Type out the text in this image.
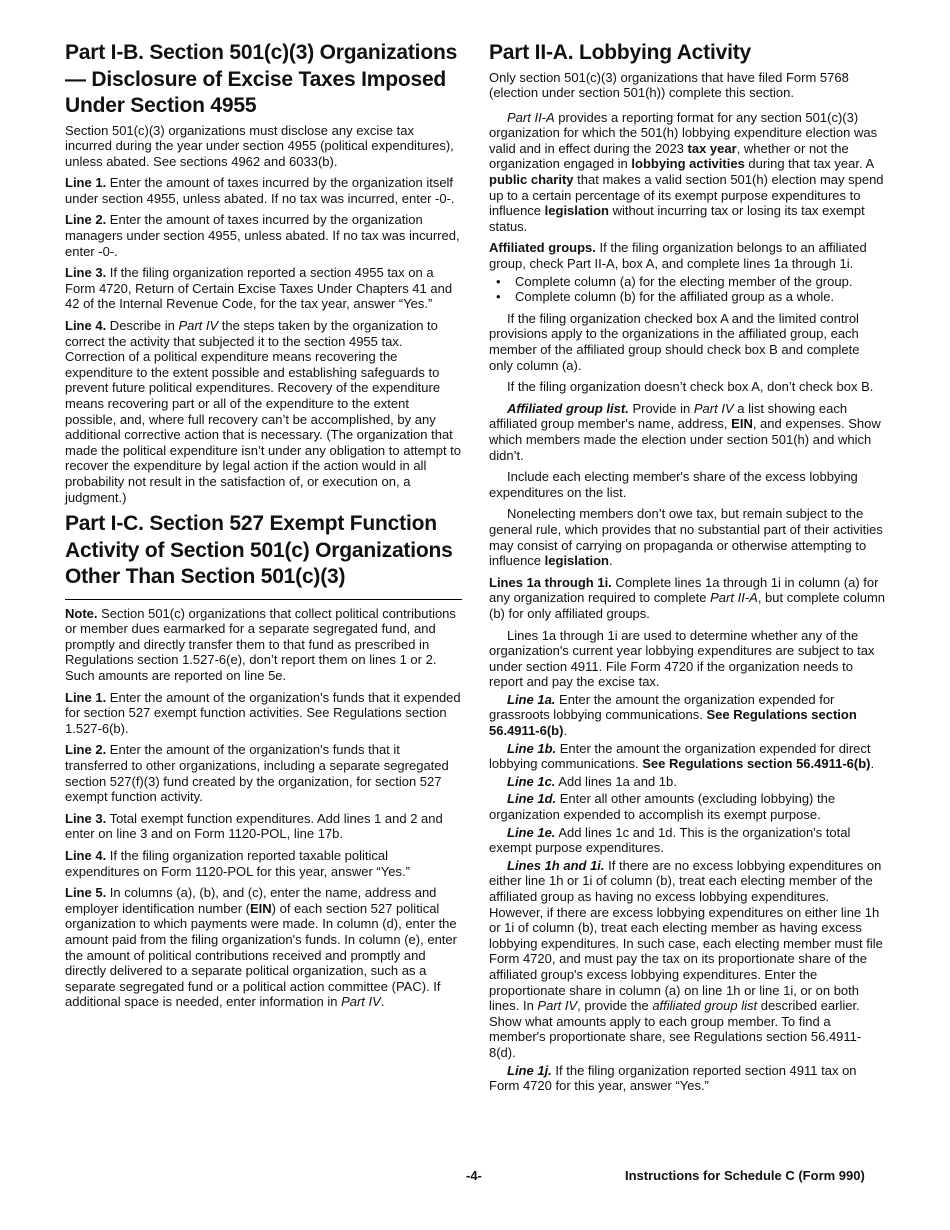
Part I-B. Section 501(c)(3) Organizations— Disclosure of Excise Taxes Imposed Under Section 4955

Section 501(c)(3) organizations must disclose any excise tax incurred during the year under section 4955 (political expenditures), unless abated. See sections 4962 and 6033(b).

Line 1. Enter the amount of taxes incurred by the organization itself under section 4955, unless abated. If no tax was incurred, enter -0-.

Line 2. Enter the amount of taxes incurred by the organization managers under section 4955, unless abated. If no tax was incurred, enter -0-.

Line 3. If the filing organization reported a section 4955 tax on a Form 4720, Return of Certain Excise Taxes Under Chapters 41 and 42 of the Internal Revenue Code, for the tax year, answer “Yes.”

Line 4. Describe in Part IV the steps taken by the organization to correct the activity that subjected it to the section 4955 tax. Correction of a political expenditure means recovering the expenditure to the extent possible and establishing safeguards to prevent future political expenditures. Recovery of the expenditure means recovering part or all of the expenditure to the extent possible, and, where full recovery can’t be accomplished, by any additional corrective action that is necessary. (The organization that made the political expenditure isn’t under any obligation to attempt to recover the expenditure by legal action if the action would in all probability not result in the satisfaction of, or execution on, a judgment.)

Part I-C. Section 527 Exempt Function Activity of Section 501(c) Organizations Other Than Section 501(c)(3)

Note. Section 501(c) organizations that collect political contributions or member dues earmarked for a separate segregated fund, and promptly and directly transfer them to that fund as prescribed in Regulations section 1.527-6(e), don’t report them on lines 1 or 2. Such amounts are reported on line 5e.

Line 1. Enter the amount of the organization's funds that it expended for section 527 exempt function activities. See Regulations section 1.527-6(b).

Line 2. Enter the amount of the organization's funds that it transferred to other organizations, including a separate segregated section 527(f)(3) fund created by the organization, for section 527 exempt function activity.

Line 3. Total exempt function expenditures. Add lines 1 and 2 and enter on line 3 and on Form 1120-POL, line 17b.

Line 4. If the filing organization reported taxable political expenditures on Form 1120-POL for this year, answer “Yes.”

Line 5. In columns (a), (b), and (c), enter the name, address and employer identification number (EIN) of each section 527 political organization to which payments were made. In column (d), enter the amount paid from the filing organization's funds. In column (e), enter the amount of political contributions received and promptly and directly delivered to a separate political organization, such as a separate segregated fund or a political action committee (PAC). If additional space is needed, enter information in Part IV.

Part II-A. Lobbying Activity

Only section 501(c)(3) organizations that have filed Form 5768 (election under section 501(h)) complete this section.

Part II-A provides a reporting format for any section 501(c)(3) organization for which the 501(h) lobbying expenditure election was valid and in effect during the 2023 tax year, whether or not the organization engaged in lobbying activities during that tax year. A public charity that makes a valid section 501(h) election may spend up to a certain percentage of its exempt purpose expenditures to influence legislation without incurring tax or losing its tax exempt status.

Affiliated groups. If the filing organization belongs to an affiliated group, check Part II-A, box A, and complete lines 1a through 1i.

• Complete column (a) for the electing member of the group.
• Complete column (b) for the affiliated group as a whole.

If the filing organization checked box A and the limited control provisions apply to the organizations in the affiliated group, each member of the affiliated group should check box B and complete only column (a).

If the filing organization doesn’t check box A, don’t check box B.

Affiliated group list. Provide in Part IV a list showing each affiliated group member's name, address, EIN, and expenses. Show which members made the election under section 501(h) and which didn’t.

Include each electing member's share of the excess lobbying expenditures on the list.

Nonelecting members don’t owe tax, but remain subject to the general rule, which provides that no substantial part of their activities may consist of carrying on propaganda or otherwise attempting to influence legislation.

Lines 1a through 1i. Complete lines 1a through 1i in column (a) for any organization required to complete Part II-A, but complete column (b) for only affiliated groups.

Lines 1a through 1i are used to determine whether any of the organization's current year lobbying expenditures are subject to tax under section 4911. File Form 4720 if the organization needs to report and pay the excise tax.

Line 1a. Enter the amount the organization expended for grassroots lobbying communications. See Regulations section 56.4911-6(b).

Line 1b. Enter the amount the organization expended for direct lobbying communications. See Regulations section 56.4911-6(b).

Line 1c. Add lines 1a and 1b.

Line 1d. Enter all other amounts (excluding lobbying) the organization expended to accomplish its exempt purpose.

Line 1e. Add lines 1c and 1d. This is the organization's total exempt purpose expenditures.

Lines 1h and 1i. If there are no excess lobbying expenditures on either line 1h or 1i of column (b), treat each electing member of the affiliated group as having no excess lobbying expenditures. However, if there are excess lobbying expenditures on either line 1h or 1i of column (b), treat each electing member as having excess lobbying expenditures. In such case, each electing member must file Form 4720, and must pay the tax on its proportionate share of the affiliated group's excess lobbying expenditures. Enter the proportionate share in column (a) on line 1h or line 1i, or on both lines. In Part IV, provide the affiliated group list described earlier. Show what amounts apply to each group member. To find a member's proportionate share, see Regulations section 56.4911-8(d).

Line 1j. If the filing organization reported section 4911 tax on Form 4720 for this year, answer “Yes.”

-4-	Instructions for Schedule C (Form 990)
